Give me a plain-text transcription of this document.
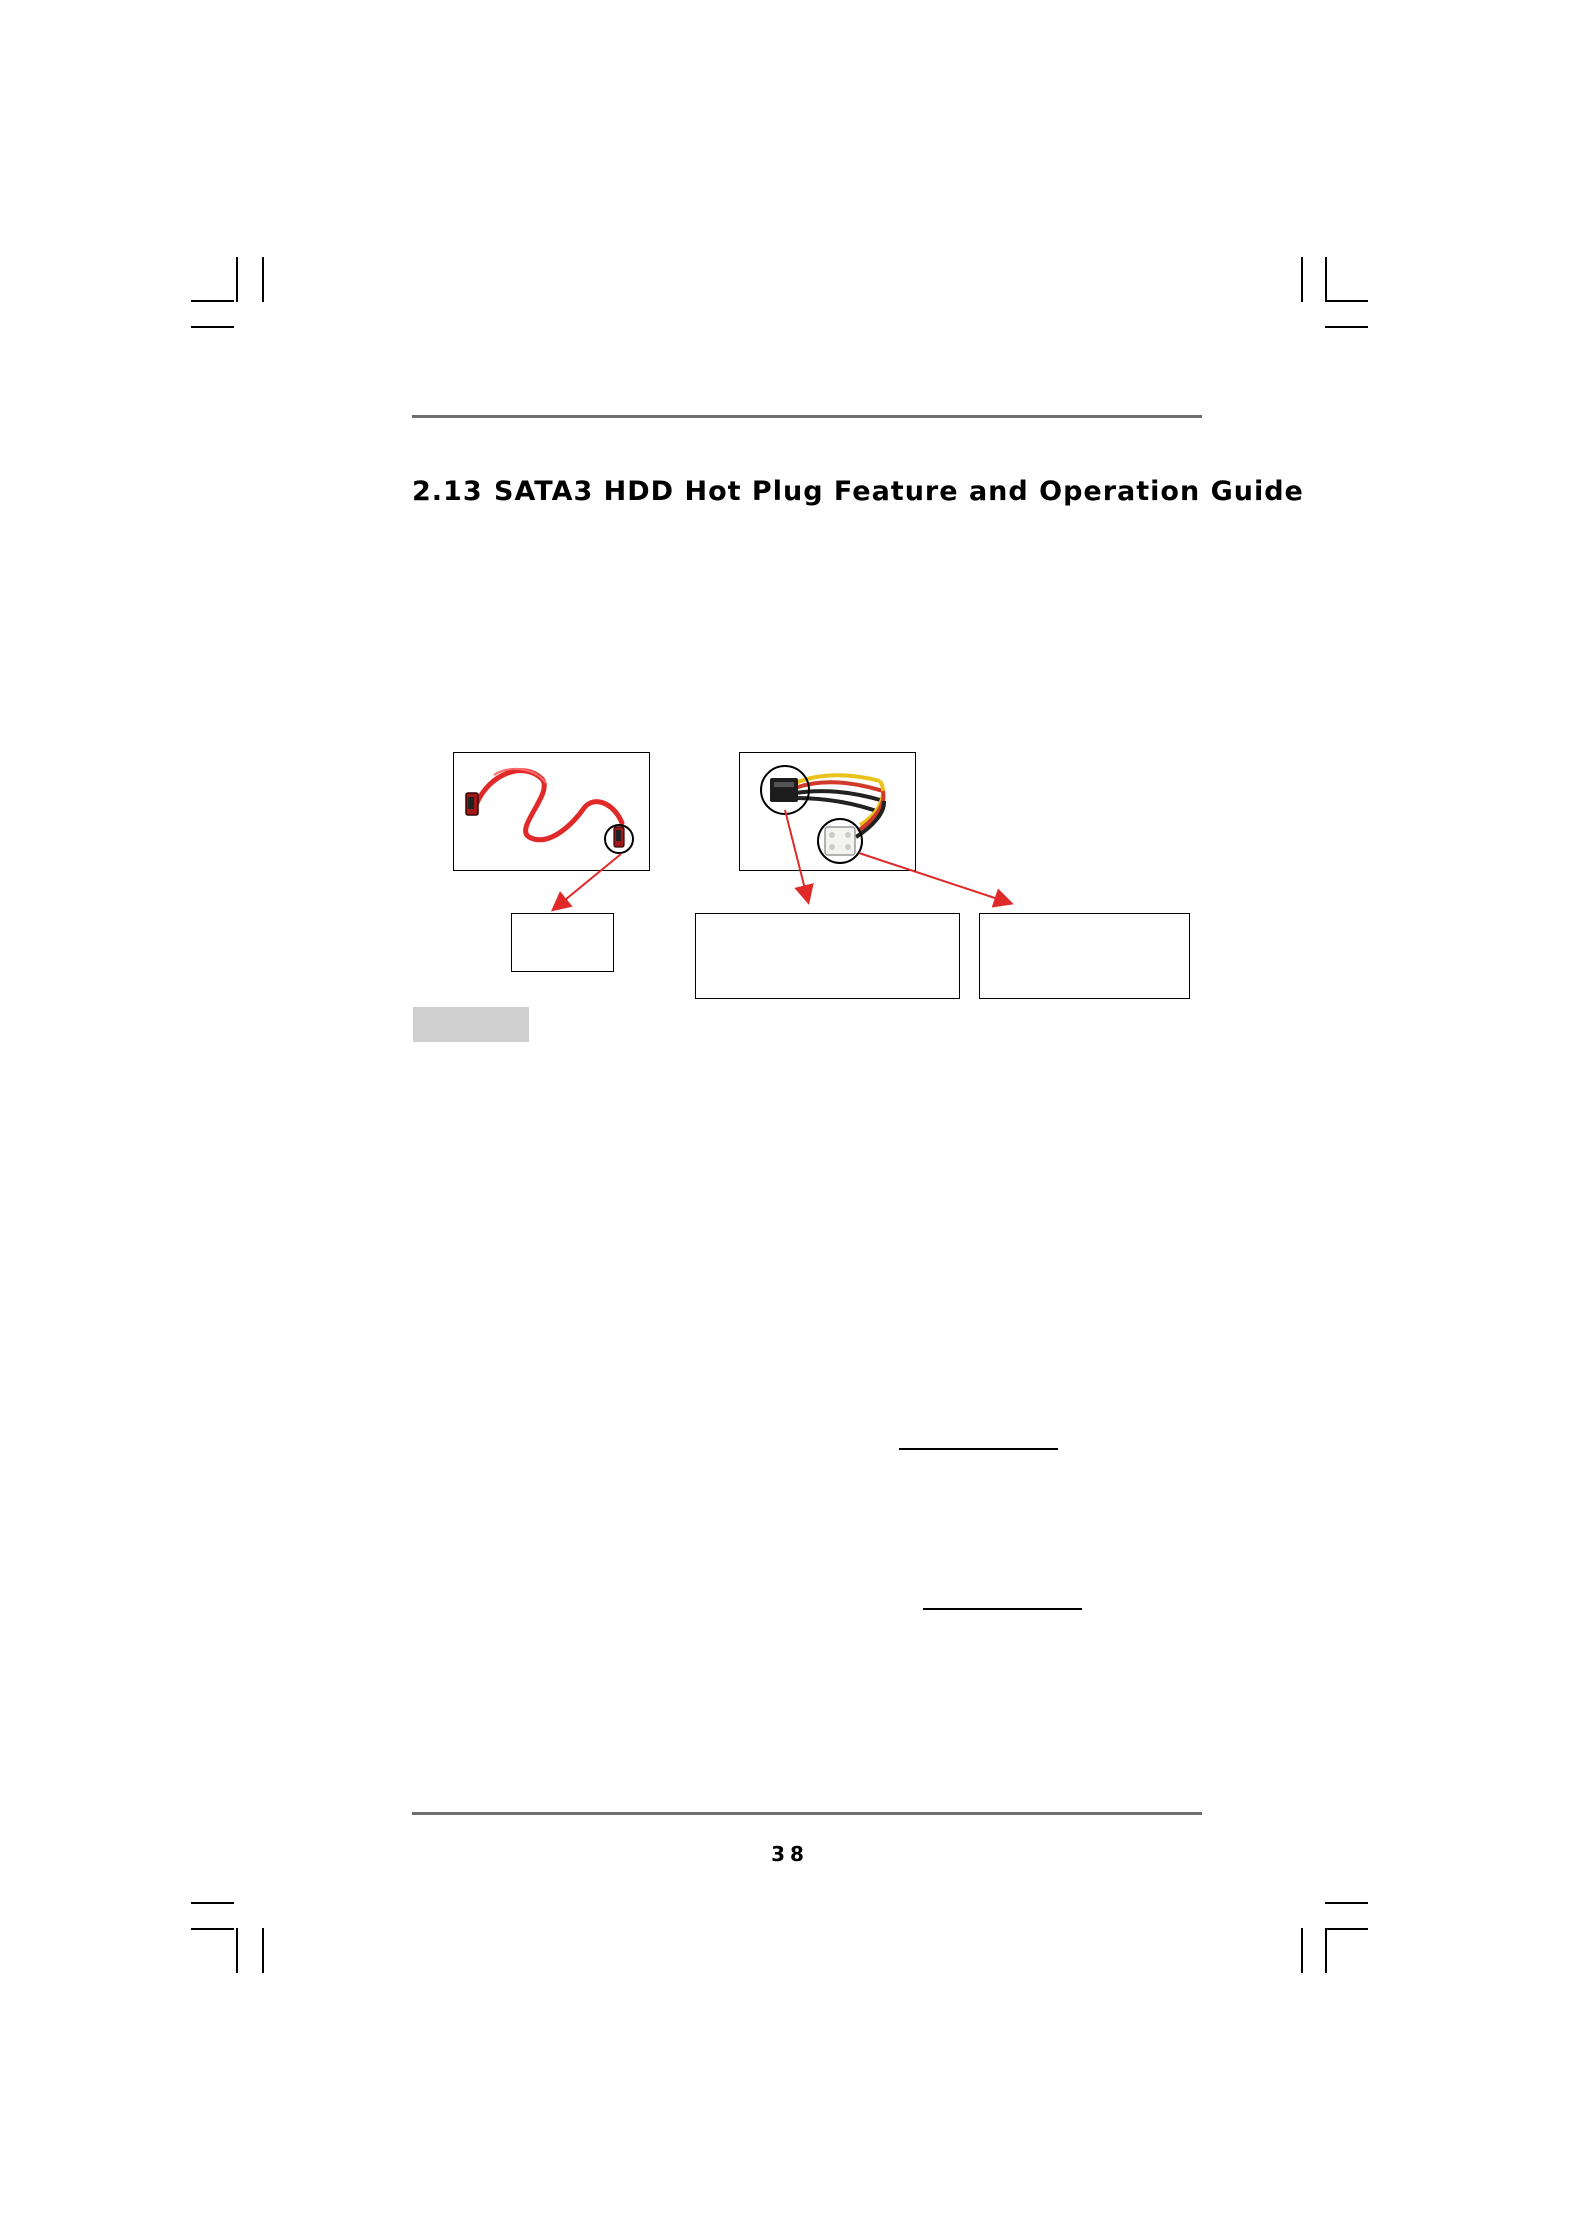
2.13 SATA3 HDD Hot Plug Feature and Operation Guide
38
